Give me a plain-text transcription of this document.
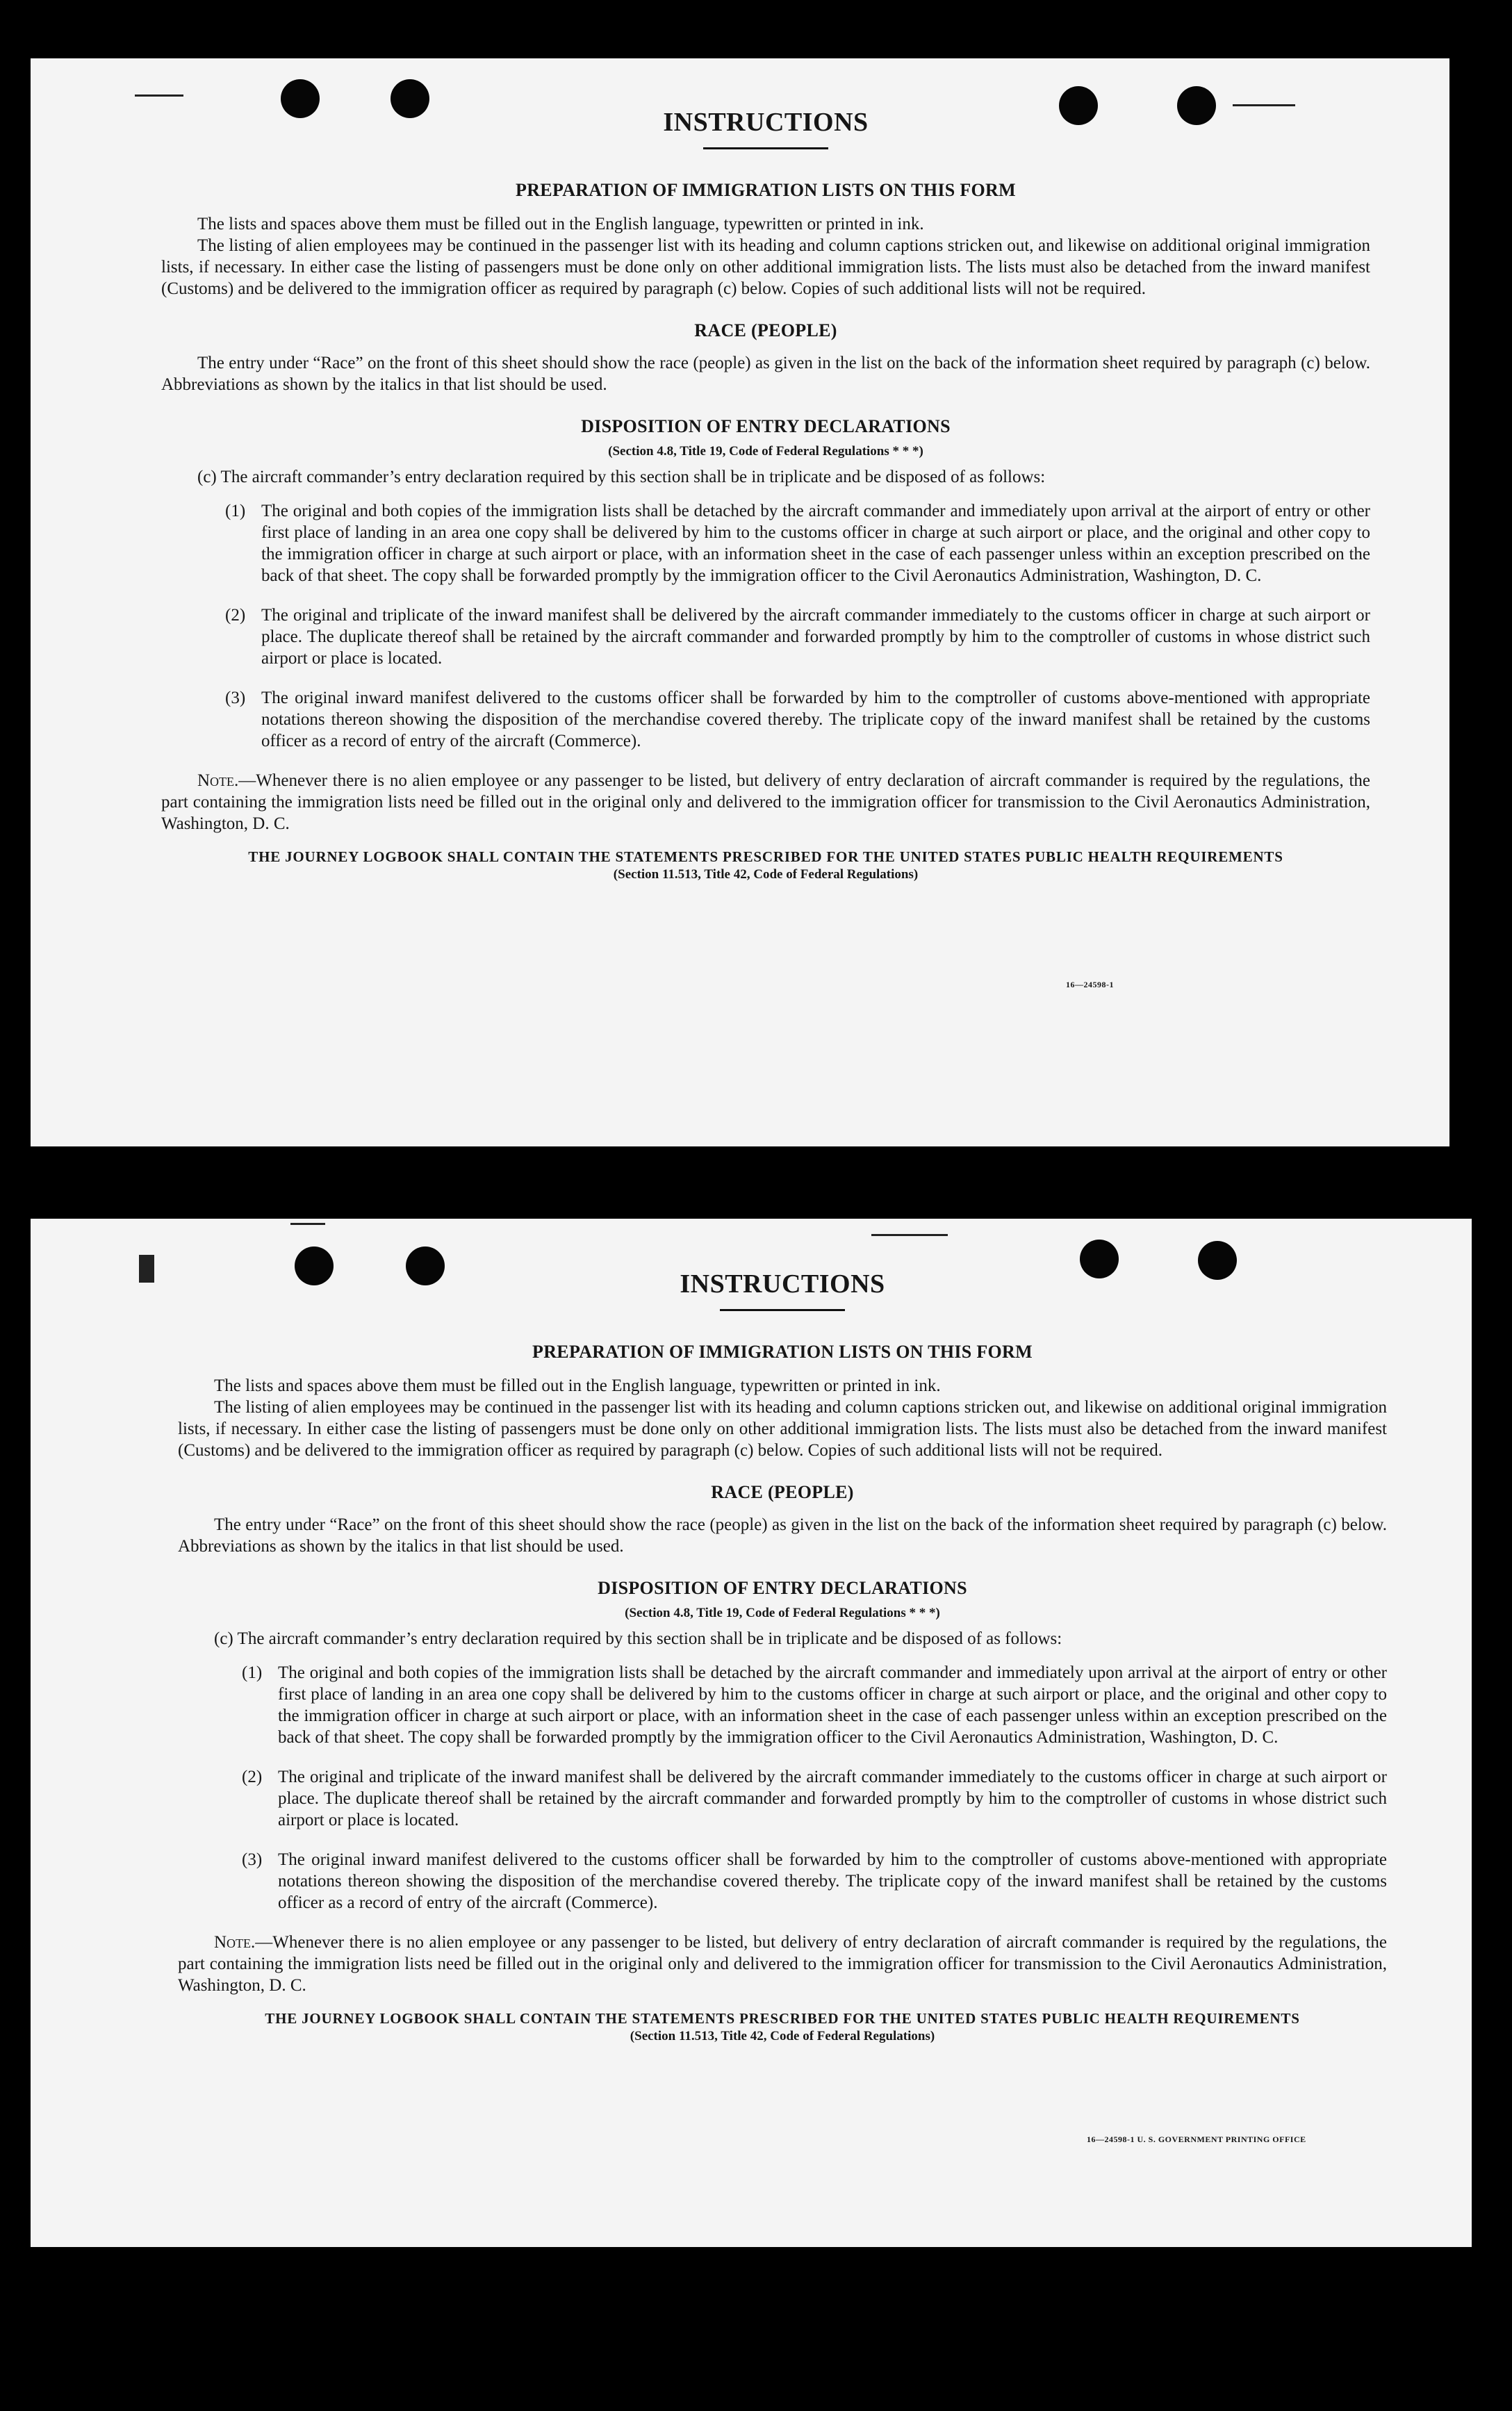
INSTRUCTIONS
PREPARATION OF IMMIGRATION LISTS ON THIS FORM

The lists and spaces above them must be filled out in the English language, typewritten or printed in ink.

The listing of alien employees may be continued in the passenger list with its heading and column captions stricken out, and likewise on additional original immigration lists, if necessary. In either case the listing of passengers must be done only on other additional immigration lists. The lists must also be detached from the inward manifest (Customs) and be delivered to the immigration officer as required by paragraph (c) below. Copies of such additional lists will not be required.

RACE (PEOPLE)

The entry under “Race” on the front of this sheet should show the race (people) as given in the list on the back of the information sheet required by paragraph (c) below. Abbreviations as shown by the italics in that list should be used.

DISPOSITION OF ENTRY DECLARATIONS
(Section 4.8, Title 19, Code of Federal Regulations * * *)

(c) The aircraft commander’s entry declaration required by this section shall be in triplicate and be disposed of as follows:

(1) The original and both copies of the immigration lists shall be detached by the aircraft commander and immediately upon arrival at the airport of entry or other first place of landing in an area one copy shall be delivered by him to the customs officer in charge at such airport or place, and the original and other copy to the immigration officer in charge at such airport or place, with an information sheet in the case of each passenger unless within an exception prescribed on the back of that sheet. The copy shall be forwarded promptly by the immigration officer to the Civil Aeronautics Administration, Washington, D. C.
(2) The original and triplicate of the inward manifest shall be delivered by the aircraft commander immediately to the customs officer in charge at such airport or place. The duplicate thereof shall be retained by the aircraft commander and forwarded promptly by him to the comptroller of customs in whose district such airport or place is located.
(3) The original inward manifest delivered to the customs officer shall be forwarded by him to the comptroller of customs above-mentioned with appropriate notations thereon showing the disposition of the merchandise covered thereby. The triplicate copy of the inward manifest shall be retained by the customs officer as a record of entry of the aircraft (Commerce).

Note.—Whenever there is no alien employee or any passenger to be listed, but delivery of entry declaration of aircraft commander is required by the regulations, the part containing the immigration lists need be filled out in the original only and delivered to the immigration officer for transmission to the Civil Aeronautics Administration, Washington, D. C.

THE JOURNEY LOGBOOK SHALL CONTAIN THE STATEMENTS PRESCRIBED FOR THE UNITED STATES PUBLIC HEALTH REQUIREMENTS
(Section 11.513, Title 42, Code of Federal Regulations)
16—24598-1
INSTRUCTIONS
PREPARATION OF IMMIGRATION LISTS ON THIS FORM

The lists and spaces above them must be filled out in the English language, typewritten or printed in ink.

The listing of alien employees may be continued in the passenger list with its heading and column captions stricken out, and likewise on additional original immigration lists, if necessary. In either case the listing of passengers must be done only on other additional immigration lists. The lists must also be detached from the inward manifest (Customs) and be delivered to the immigration officer as required by paragraph (c) below. Copies of such additional lists will not be required.

RACE (PEOPLE)

The entry under “Race” on the front of this sheet should show the race (people) as given in the list on the back of the information sheet required by paragraph (c) below. Abbreviations as shown by the italics in that list should be used.

DISPOSITION OF ENTRY DECLARATIONS
(Section 4.8, Title 19, Code of Federal Regulations * * *)

(c) The aircraft commander’s entry declaration required by this section shall be in triplicate and be disposed of as follows:

(1) The original and both copies of the immigration lists shall be detached by the aircraft commander and immediately upon arrival at the airport of entry or other first place of landing in an area one copy shall be delivered by him to the customs officer in charge at such airport or place, and the original and other copy to the immigration officer in charge at such airport or place, with an information sheet in the case of each passenger unless within an exception prescribed on the back of that sheet. The copy shall be forwarded promptly by the immigration officer to the Civil Aeronautics Administration, Washington, D. C.
(2) The original and triplicate of the inward manifest shall be delivered by the aircraft commander immediately to the customs officer in charge at such airport or place. The duplicate thereof shall be retained by the aircraft commander and forwarded promptly by him to the comptroller of customs in whose district such airport or place is located.
(3) The original inward manifest delivered to the customs officer shall be forwarded by him to the comptroller of customs above-mentioned with appropriate notations thereon showing the disposition of the merchandise covered thereby. The triplicate copy of the inward manifest shall be retained by the customs officer as a record of entry of the aircraft (Commerce).

Note.—Whenever there is no alien employee or any passenger to be listed, but delivery of entry declaration of aircraft commander is required by the regulations, the part containing the immigration lists need be filled out in the original only and delivered to the immigration officer for transmission to the Civil Aeronautics Administration, Washington, D. C.

THE JOURNEY LOGBOOK SHALL CONTAIN THE STATEMENTS PRESCRIBED FOR THE UNITED STATES PUBLIC HEALTH REQUIREMENTS
(Section 11.513, Title 42, Code of Federal Regulations)
16—24598-1 U. S. GOVERNMENT PRINTING OFFICE
